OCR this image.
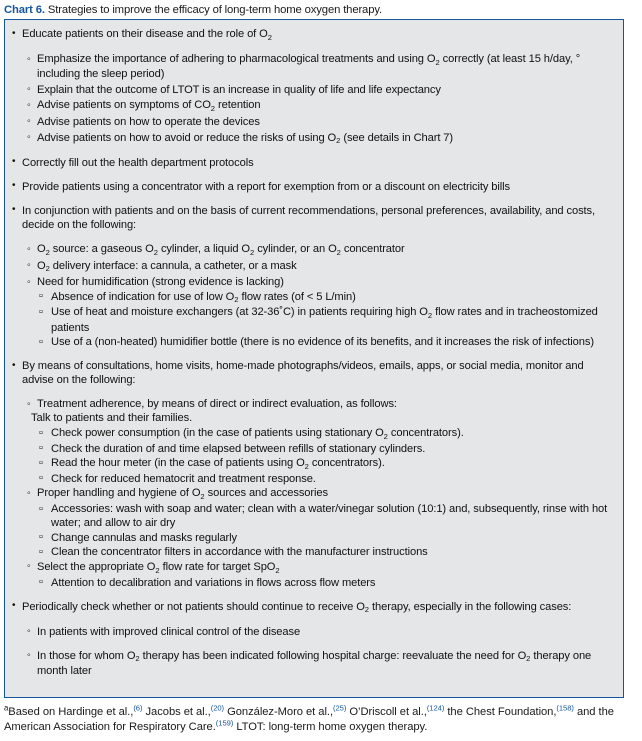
Chart 6. Strategies to improve the efficacy of long-term home oxygen therapy.
• Educate patients on their disease and the role of $O_2$
◦ Emphasize the importance of adhering to pharmacological treatments and using $O_2$ correctly (at least 15 h/day, ° including the sleep period)
◦ Explain that the outcome of LTOT is an increase in quality of life and life expectancy
◦ Advise patients on symptoms of $CO_2$ retention
◦ Advise patients on how to operate the devices
◦ Advise patients on how to avoid or reduce the risks of using $O_2$ (see details in Chart 7)
• Correctly fill out the health department protocols
• Provide patients using a concentrator with a report for exemption from or a discount on electricity bills
• In conjunction with patients and on the basis of current recommendations, personal preferences, availability, and costs, decide on the following:
◦ $O_2$ source: a gaseous $O_2$ cylinder, a liquid $O_2$ cylinder, or an $O_2$ concentrator
◦ $O_2$ delivery interface: a cannula, a catheter, or a mask
◦ Need for humidification (strong evidence is lacking)
▫ Absence of indication for use of low $O_2$ flow rates (of < 5 L/min)
▫ Use of heat and moisture exchangers (at 32-36˚C) in patients requiring high $O_2$ flow rates and in tracheostomized patients
▫ Use of a (non-heated) humidifier bottle (there is no evidence of its benefits, and it increases the risk of infections)
• By means of consultations, home visits, home-made photographs/videos, emails, apps, or social media, monitor and advise on the following:
◦ Treatment adherence, by means of direct or indirect evaluation, as follows:
Talk to patients and their families.
▫ Check power consumption (in the case of patients using stationary $O_2$ concentrators).
▫ Check the duration of and time elapsed between refills of stationary cylinders.
▫ Read the hour meter (in the case of patients using $O_2$ concentrators).
▫ Check for reduced hematocrit and treatment response.
◦ Proper handling and hygiene of $O_2$ sources and accessories
▫ Accessories: wash with soap and water; clean with a water/vinegar solution (10:1) and, subsequently, rinse with hot water; and allow to air dry
▫ Change cannulas and masks regularly
▫ Clean the concentrator filters in accordance with the manufacturer instructions
◦ Select the appropriate $O_2$ flow rate for target SpO$_2$
▫ Attention to decalibration and variations in flows across flow meters
• Periodically check whether or not patients should continue to receive $O_2$ therapy, especially in the following cases:
◦ In patients with improved clinical control of the disease
◦ In those for whom $O_2$ therapy has been indicated following hospital charge: reevaluate the need for $O_2$ therapy one month later
$^a$Based on Hardinge et al.,$^{(6)}$ Jacobs et al.,$^{(20)}$ González-Moro et al.,$^{(25)}$ O’Driscoll et al.,$^{(124)}$ the Chest Foundation,$^{(158)}$ and the American Association for Respiratory Care.$^{(159)}$ LTOT: long-term home oxygen therapy.
